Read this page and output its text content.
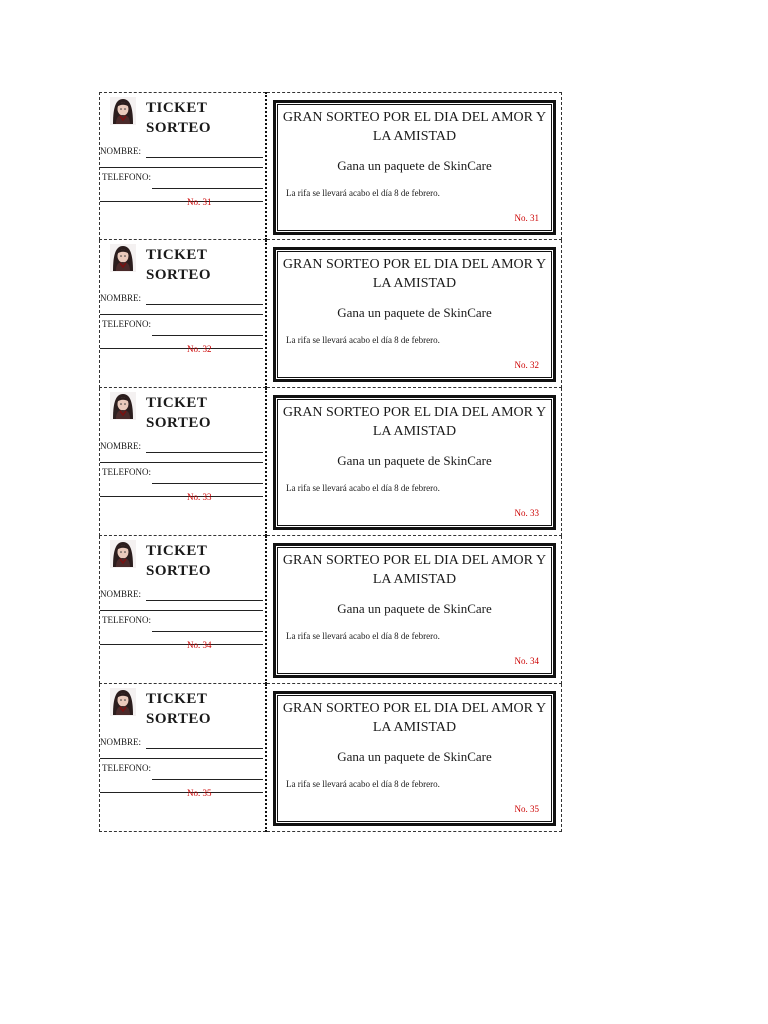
TICKET SORTEO
NOMBRE:
TELEFONO:
No. 31
GRAN SORTEO POR EL DIA DEL AMOR Y LA AMISTAD
Gana un paquete de SkinCare
La rifa se llevará acabo el día 8 de febrero.
No. 31
TICKET SORTEO
NOMBRE:
TELEFONO:
No. 32
GRAN SORTEO POR EL DIA DEL AMOR Y LA AMISTAD
Gana un paquete de SkinCare
La rifa se llevará acabo el día 8 de febrero.
No. 32
TICKET SORTEO
NOMBRE:
TELEFONO:
No. 33
GRAN SORTEO POR EL DIA DEL AMOR Y LA AMISTAD
Gana un paquete de SkinCare
La rifa se llevará acabo el día 8 de febrero.
No. 33
TICKET SORTEO
NOMBRE:
TELEFONO:
No. 34
GRAN SORTEO POR EL DIA DEL AMOR Y LA AMISTAD
Gana un paquete de SkinCare
La rifa se llevará acabo el día 8 de febrero.
No. 34
TICKET SORTEO
NOMBRE:
TELEFONO:
No. 35
GRAN SORTEO POR EL DIA DEL AMOR Y LA AMISTAD
Gana un paquete de SkinCare
La rifa se llevará acabo el día 8 de febrero.
No. 35
